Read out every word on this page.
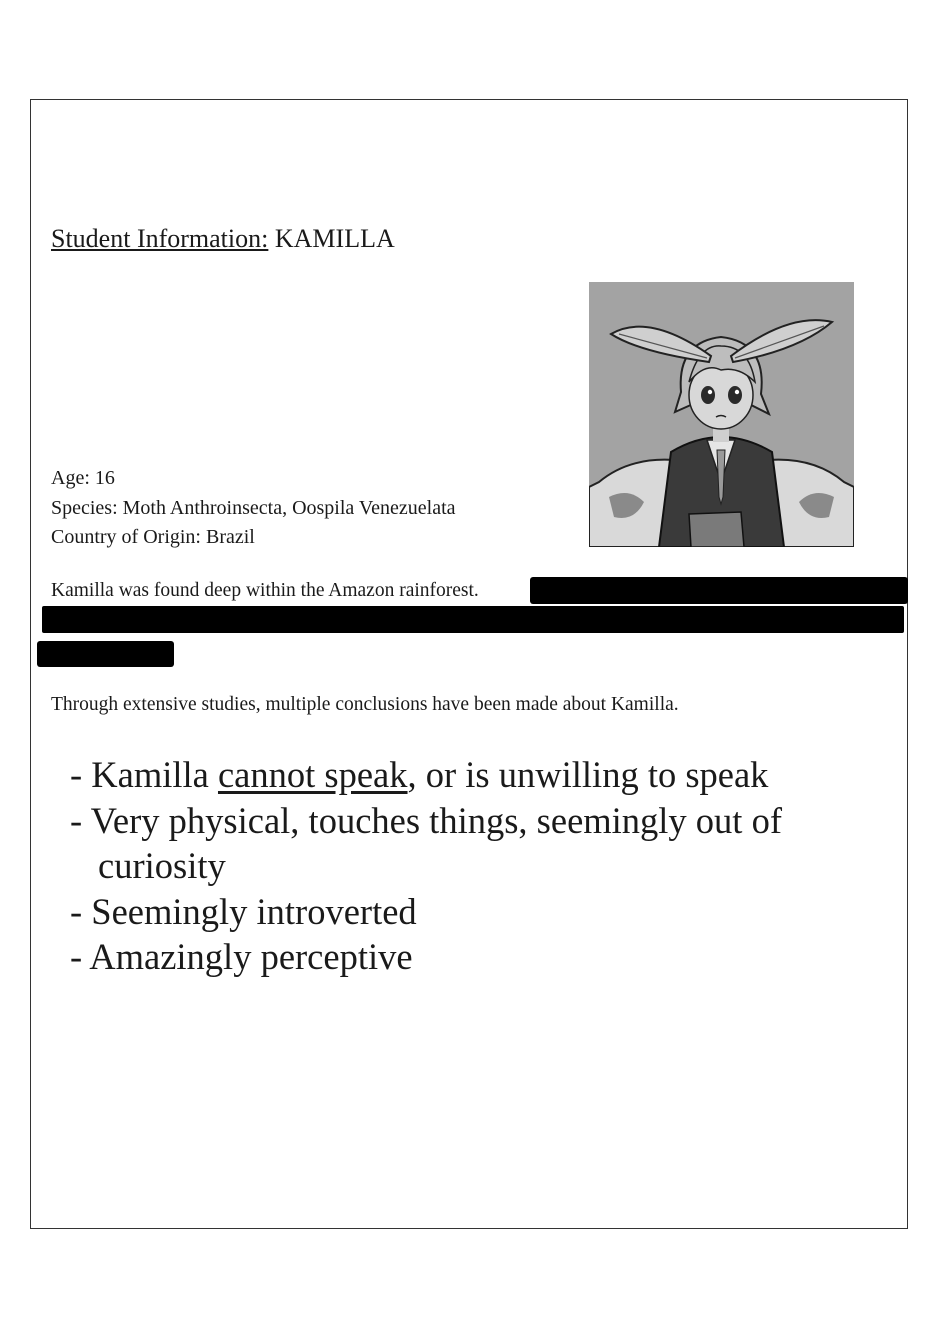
Student Information: KAMILLA
Age: 16
Species: Moth Anthroinsecta, Oospila Venezuelata
Country of Origin: Brazil
Kamilla was found deep within the Amazon rainforest.
Through extensive studies, multiple conclusions have been made about Kamilla.
- Kamilla cannot speak, or is unwilling to speak
- Very physical, touches things, seemingly out of
curiosity
- Seemingly introverted
- Amazingly perceptive
